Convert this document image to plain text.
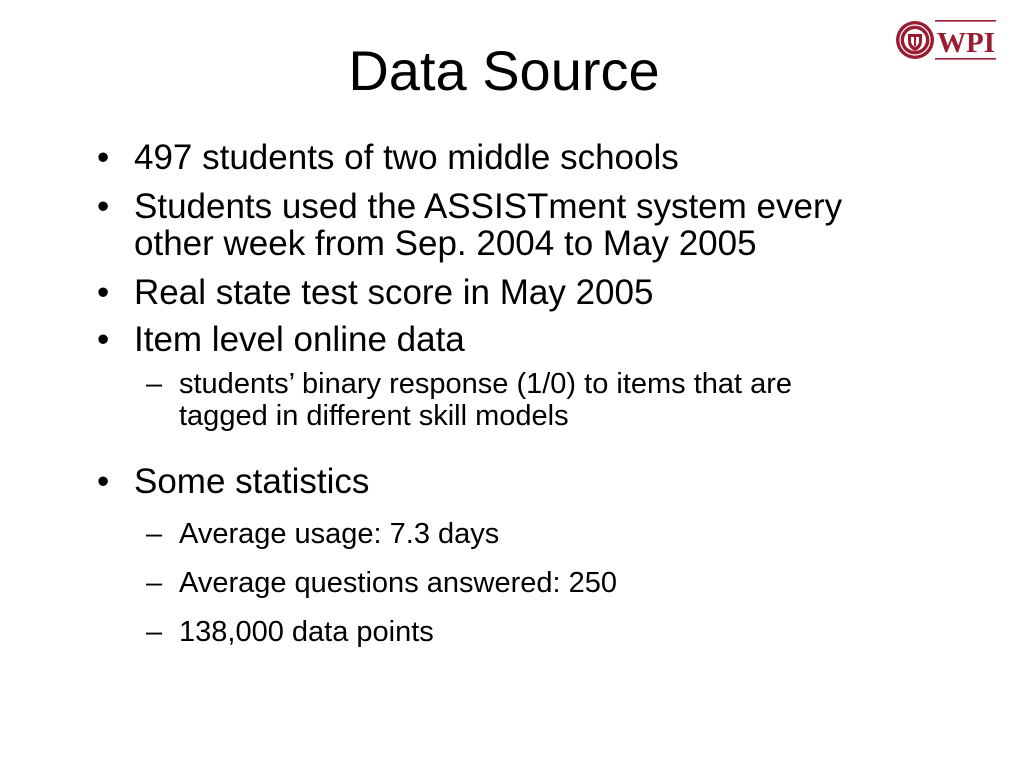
Data Source	WPI
• 497 students of two middle schools
• Students used the ASSISTment system every
other week from Sep. 2004 to May 2005
• Real state test score in May 2005
• Item level online data
– students’ binary response (1/0) to items that are
tagged in different skill models
• Some statistics
– Average usage: 7.3 days
– Average questions answered: 250
– 138,000 data points
